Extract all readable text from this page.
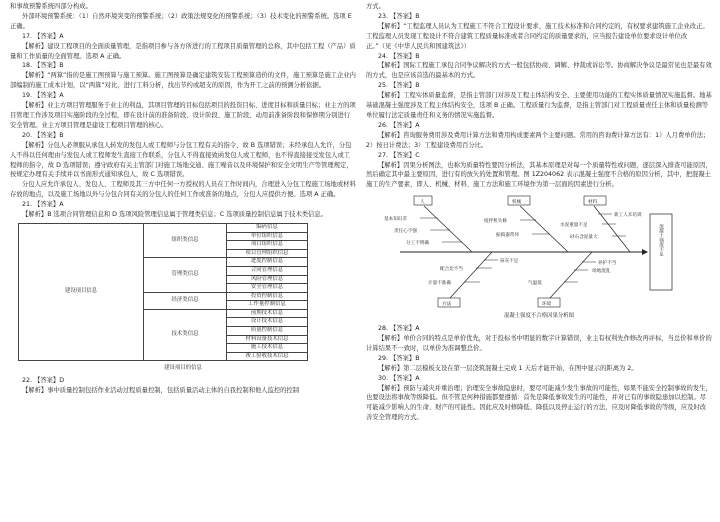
和事故预警系统四部分构成。

外部环境预警系统：（1）自然环境突变的预警系统；（2）政策法规变化的预警系统；（3）技术变化的预警系统。选项 E 正确。

17. 【答案】A

【解析】建设工程项目的全面质量管理，是指项目参与各方所进行的工程项目质量管理的总称，其中包括工程（产品）质量和工作质量的全面管理。选项 A 正确。

18. 【答案】B

【解析】“两算”指的是施工图预算与施工预算。施工图预算是确定建筑安装工程预算造价的文件，施工预算是施工企业内部编制的施工成本计划，以“两算”对比，进行工料分析，找出节约或超支的原因，作为开工之前的预测分析依据。

19. 【答案】A

【解析】业主方项目管理服务于业主的利益，其项目管理的目标包括项目的投资目标、进度目标和质量目标；业主方的项目管理工作涉及项目实施阶段的全过程，即在设计前的准备阶段、设计阶段、施工阶段、动用前准备阶段和保修期分别进行安全管理。业主方项目管理是建设工程项目管理的核心。

20. 【答案】B

【解析】分包人必须服从承包人转发的发包人或工程师与分包工程有关的指令，故 B 选项错误；未经承包人允许，分包人不得以任何理由与发包人或工程师发生直接工作联系，分包人不得直接致函发包人或工程师，也不得直接接受发包人或工程师的指令，故 D 选项错误；遵守政府有关主管部门对施工场地交通、施工噪音以及环境保护和安全文明生产等管理规定，按规定办理有关手续并以书面形式通知承包人，故 C 选项错误。

分包人应允许承包人、发包人、工程师及其三方中任何一方授权的人员在工作时间内，合理进入分包工程施工场地或材料存放的地点，以及施工场地以外与分包合同有关的分包人的任何工作或准备的地点，分包人应提供方便。选项 A 正确。

21. 【答案】A

【解析】B 选项合同管理信息和 D 选项风险管理信息属于管理类信息；C 选项质量控制信息属于技术类信息。

建设项目信息	组织类信息	编码信息
		单位组织信息
		项目组织信息
		项目管理组织信息
	管理类信息	进度控制信息
		合同管理信息
		风险管理信息
		安全管理信息
	经济类信息	投资控制信息
		工作量控制信息
	技术类信息	前期技术信息
		设计技术信息
		质量控制信息
		材料设备技术信息
		施工技术信息
		竣工验收技术信息
建设项目的信息

22. 【答案】D

【解析】事中质量控制包括作业活动过程质量控制，包括质量活动主体的自我控制和他人监控的控制

方式。

23. 【答案】B

【解析】“工程监理人员认为工程施工不符合工程设计要求、施工技术标准和合同约定的，有权要求建筑施工企业改正。工程监理人员发现工程设计不符合建筑工程质量标准或者合同约定的质量要求的，应当报告建设单位要求设计单位改正。”（见《中华人民共和国建筑法》）

24. 【答案】B

【解析】国际工程施工承包合同争议解决的方式一般包括协商、调解、仲裁或诉讼等。协商解决争议是最常见也是最有效的方式，也是应该首选的最基本的方式。

25. 【答案】B

【解析】工程实体质量监督，是指主管部门对涉及工程主体结构安全、主要使用功能的工程实体质量情况实施监督。地基基础混凝土强度涉及工程主体结构安全，选项 B 正确。工程质量行为监督，是指主管部门对工程质量责任主体和质量检测等单位履行法定质量责任和义务的情况实施监督。

26. 【答案】A

【解析】咨询服务费用涉及费用计算方法和费用构成要素两个主要问题。常用的咨询费计算方法有：1）人月费单价法；2）按日计费法；3）工程建设费用百分比。

27. 【答案】C

【解析】因果分析图法，也称为质量特性要因分析法，其基本原理是对每一个质量特性或问题，逐层深入排查可能原因，然后确定其中最主要原因，进行有的放矢的处置和管理。图 1Z204062 表示混凝土强度不合格的原因分析，其中，把混凝土施工的生产要素，即人、机械、材料、施工方法和施工环境作为第一层面的因素进行分析。

混凝土强度不足
人	机械	材料
方法	环境
基本知识差
责任心不强
分工不明确
搅拌机失修
振捣器常坏
新工人未培训
水泥重量不足
砂石含泥量大
计量不准确
配合比不当
抹灰不足
气温低
场地混乱
养护不当
混凝土强度不合格因果分析图

28. 【答案】A

【解析】单价合同的特点是单价优先，对于投标书中明显的数字计算错误，业主有权利先作修改再评标，当总价和单价的计算结果不一致时，以单价为准调整总价。

29. 【答案】B

【解析】第二层模板支设在第一层浇筑混凝土完成 1 天后才能开始，在图中显示的距离为 2。

30. 【答案】A

【解析】预防与减灾并重治理；治理安全事故隐患时，要尽可能减少发生事故的可能性，如果不能安全控制事故的发生，也要设法将事故等级降低。但不管是何种措施都要遵循：首先是降低事故发生的可能性，并对已有的事故隐患加以控制。尽可能减少影响人的生命、财产的可能性。因此应及时修降低、降低以及停止运行的方法，应及时降低事故的等级，应及时改善安全管理的方式。
